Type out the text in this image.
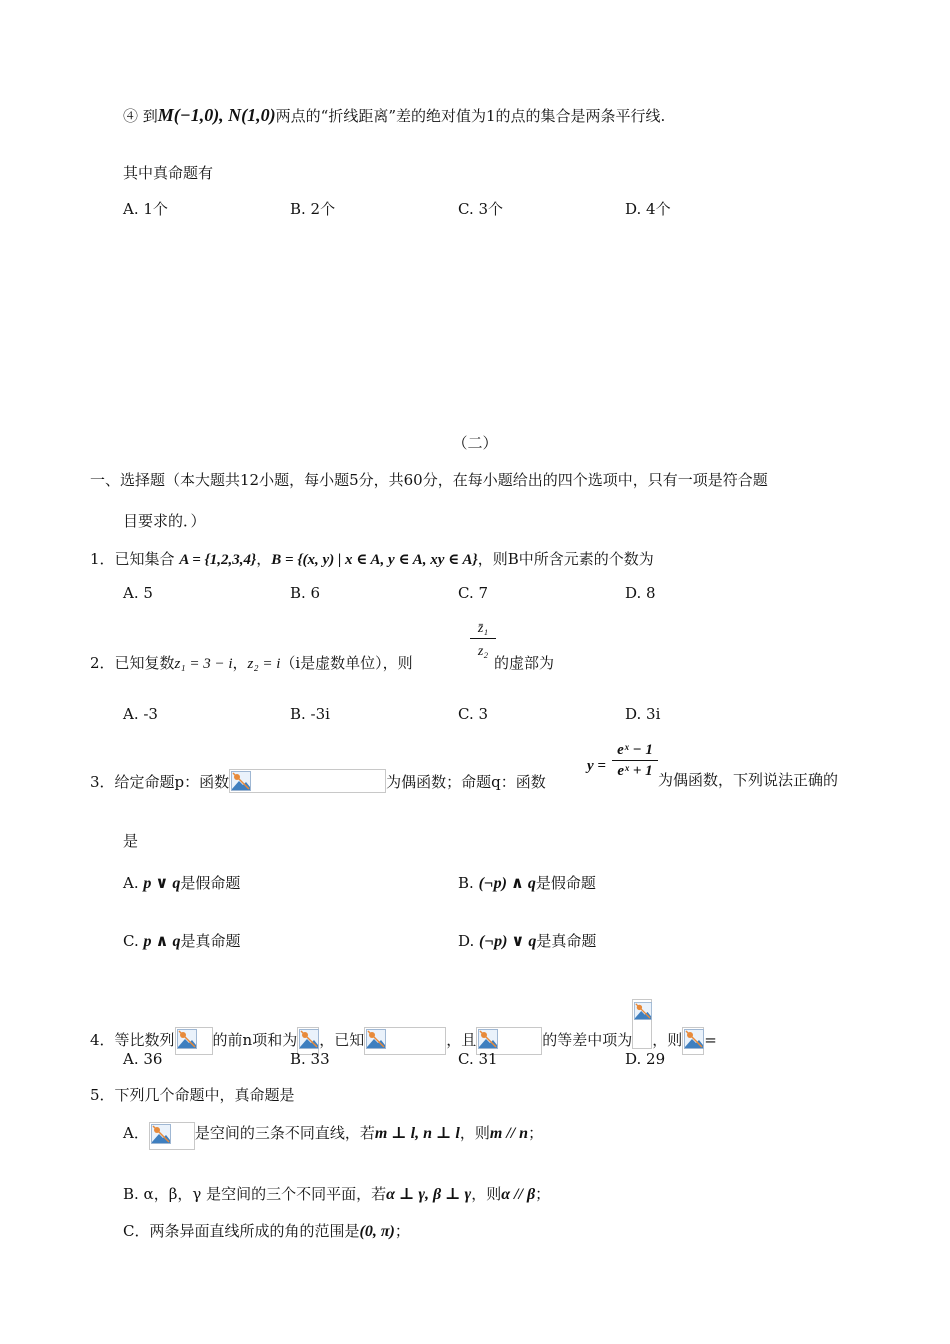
④ 到M(−1,0), N(1,0)两点的“折线距离”差的绝对值为1的点的集合是两条平行线.
其中真命题有
A. 1个	B. 2个	C. 3个	D. 4个
（二）
一、选择题（本大题共12小题，每小题5分，共60分，在每小题给出的四个选项中，只有一项是符合题
目要求的．）
1．已知集合 A = {1,2,3,4}，B = {(x, y) | x ∈ A, y ∈ A, xy ∈ A}，则B中所含元素的个数为
A. 5	B. 6	C. 7	D. 8
2．已知复数z₁ = 3 − i，z₂ = i（i是虚数单位），则
$\frac{\text{z̄₁}}{\text{z₂}}$
的虚部为
A. -3	B. -3i	C. 3	D. 3i
3．给定命题p：函数	为偶函数；命题q：函数
$y = \frac{\text{eˣ − 1}}{\text{eˣ + 1}}$ 为偶函数，下列说法正确的
是
A. p ∨ q是假命题	B. (¬p) ∧ q是假命题
C. p ∧ q是真命题	D. (¬p) ∨ q是真命题
4．等比数列	的前n项和为 ，已知	，且	的等差中项为 ，则 =
A. 36	B. 33	C. 31	D. 29
5．下列几个命题中，真命题是
A．	是空间的三条不同直线，若m ⊥ l, n ⊥ l，则m // n；
B. α，β，γ 是空间的三个不同平面，若α ⊥ γ, β ⊥ γ，则α // β；
C．两条异面直线所成的角的范围是(0, π)；
